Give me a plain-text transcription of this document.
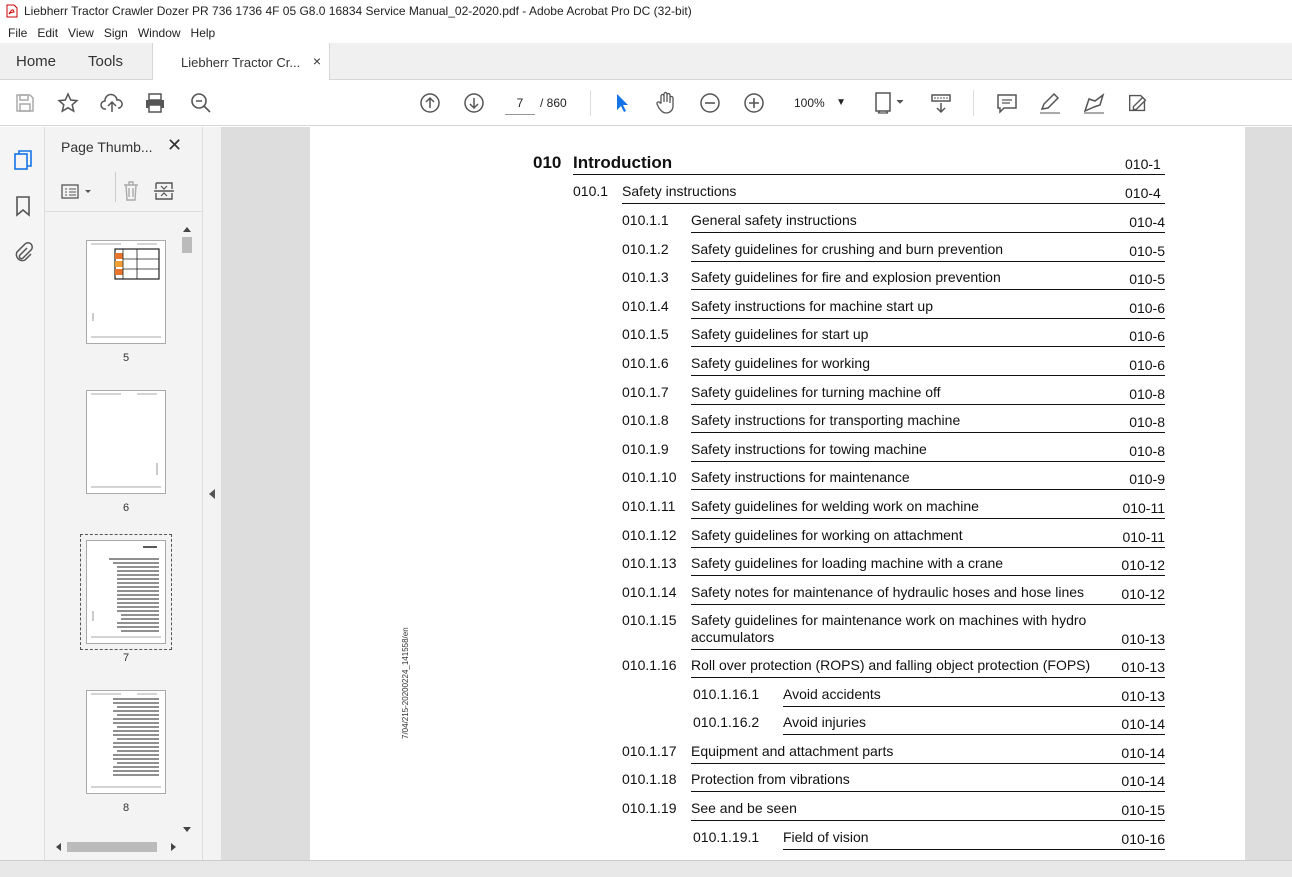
Liebherr Tractor Crawler Dozer PR 736 1736 4F 05 G8.0 16834 Service Manual_02-2020.pdf - Adobe Acrobat Pro DC (32-bit)
File Edit View Sign Window Help
Home Tools	Liebherr Tractor Cr... ×
7	/ 860	100% ▼
Page Thumb... ✕
5
6
7
8
7/04/215-20200224_141558/en
010 Introduction	010-1
010.1 Safety instructions	010-4
010.1.1 General safety instructions	010-4
010.1.2 Safety guidelines for crushing and burn prevention	010-5
010.1.3 Safety guidelines for fire and explosion prevention	010-5
010.1.4 Safety instructions for machine start up	010-6
010.1.5 Safety guidelines for start up	010-6
010.1.6 Safety guidelines for working	010-6
010.1.7 Safety guidelines for turning machine off	010-8
010.1.8 Safety instructions for transporting machine	010-8
010.1.9 Safety instructions for towing machine	010-8
010.1.10 Safety instructions for maintenance	010-9
010.1.11 Safety guidelines for welding work on machine	010-11
010.1.12 Safety guidelines for working on attachment	010-11
010.1.13 Safety guidelines for loading machine with a crane	010-12
010.1.14 Safety notes for maintenance of hydraulic hoses and hose lines	010-12
010.1.15 Safety guidelines for maintenance work on machines with hydro
accumulators	010-13
010.1.16 Roll over protection (ROPS) and falling object protection (FOPS) 010-13
010.1.16.1 Avoid accidents	010-13
010.1.16.2 Avoid injuries	010-14
010.1.17 Equipment and attachment parts	010-14
010.1.18 Protection from vibrations	010-14
010.1.19 See and be seen	010-15
010.1.19.1 Field of vision	010-16
